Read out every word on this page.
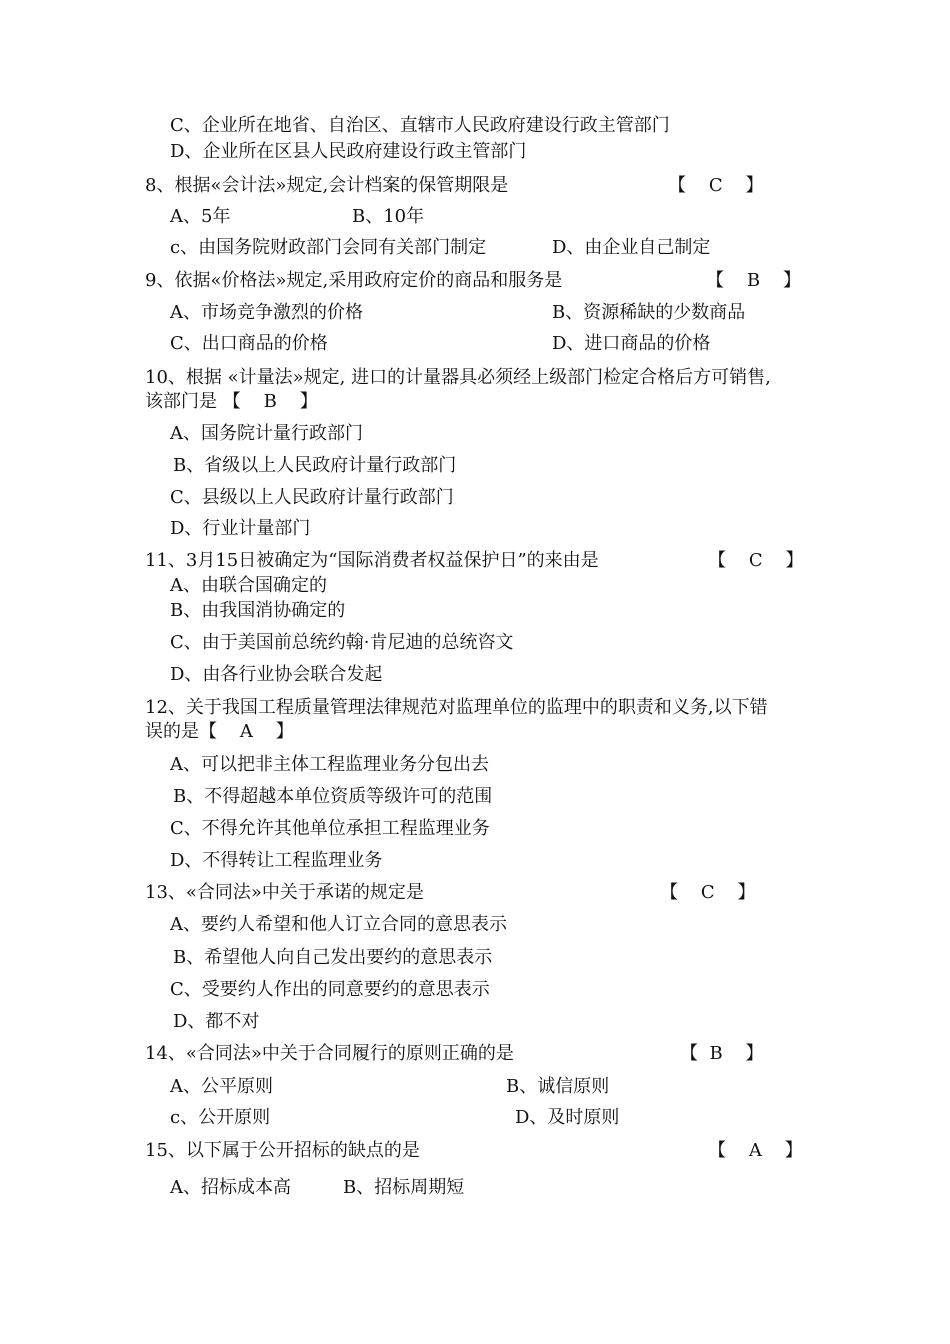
C、企业所在地省、自治区、直辖市人民政府建设行政主管部门
D、企业所在区县人民政府建设行政主管部门
8、根据«会计法»规定,会计档案的保管期限是	【    C    】
A、5年	B、10年
c、由国务院财政部门会同有关部门制定	D、由企业自己制定
9、依据«价格法»规定,采用政府定价的商品和服务是	【    B    】
A、市场竞争激烈的价格	B、资源稀缺的少数商品
C、出口商品的价格	D、进口商品的价格
10、根据 «计量法»规定, 进口的计量器具必须经上级部门检定合格后方可销售,
该部门是 【    B    】
A、国务院计量行政部门
B、省级以上人民政府计量行政部门
C、县级以上人民政府计量行政部门
D、行业计量部门
11、3月15日被确定为“国际消费者权益保护日”的来由是	【    C    】
A、由联合国确定的
B、由我国消协确定的
C、由于美国前总统约翰·肯尼迪的总统咨文
D、由各行业协会联合发起
12、关于我国工程质量管理法律规范对监理单位的监理中的职责和义务,以下错
误的是【    A    】
A、可以把非主体工程监理业务分包出去
B、不得超越本单位资质等级许可的范围
C、不得允许其他单位承担工程监理业务
D、不得转让工程监理业务
13、«合同法»中关于承诺的规定是	【    C    】
A、要约人希望和他人订立合同的意思表示
B、希望他人向自己发出要约的意思表示
C、受要约人作出的同意要约的意思表示
D、都不对
14、«合同法»中关于合同履行的原则正确的是	【  B    】
A、公平原则	B、诚信原则
c、公开原则	D、及时原则
15、以下属于公开招标的缺点的是	【    A    】
A、招标成本高	B、招标周期短
